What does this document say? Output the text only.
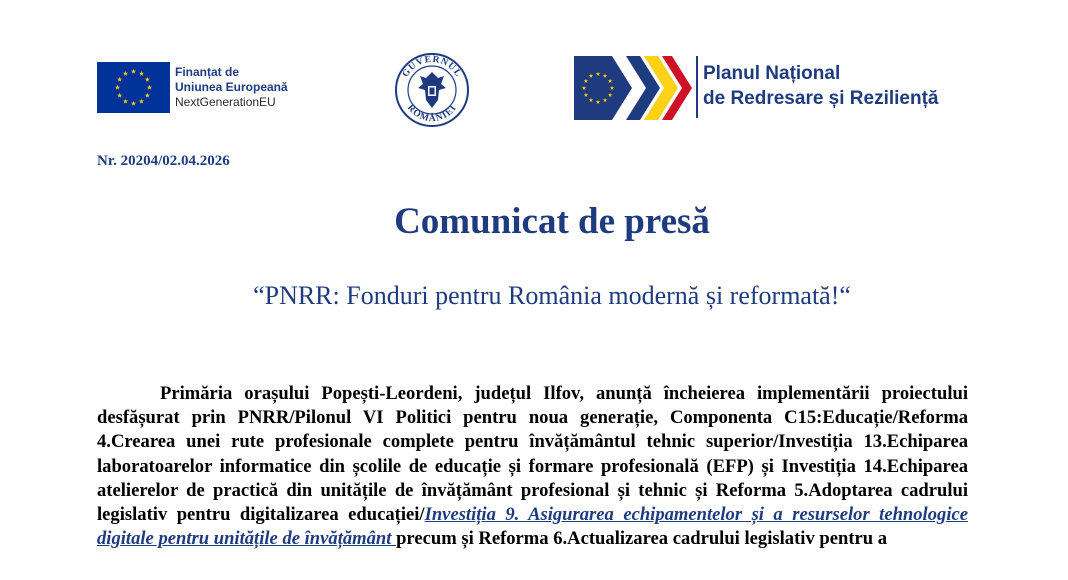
Finanțat de
Uniunea Europeană
NextGenerationEU
GUVERNUL
ROMÂNIEI
Planul Național
de Redresare și Reziliență
Nr. 20204/02.04.2026
Comunicat de presă
“PNRR: Fonduri pentru România modernă și reformată!“

Primăria orașului Popești-Leordeni, județul Ilfov, anunță încheierea implementării proiectului desfășurat prin PNRR/Pilonul VI Politici pentru noua generație, Componenta C15:Educație/Reforma 4.Crearea unei rute profesionale complete pentru învățământul tehnic superior/Investiția 13.Echiparea laboratoarelor informatice din școlile de educație și formare profesională (EFP) și Investiția 14.Echiparea atelierelor de practică din unitățile de învățământ profesional și tehnic și Reforma 5.Adoptarea cadrului legislativ pentru digitalizarea educației/Investiția 9. Asigurarea echipamentelor și a resurselor tehnologice digitale pentru unitățile de învățământ precum și Reforma 6.Actualizarea cadrului legislativ pentru a
